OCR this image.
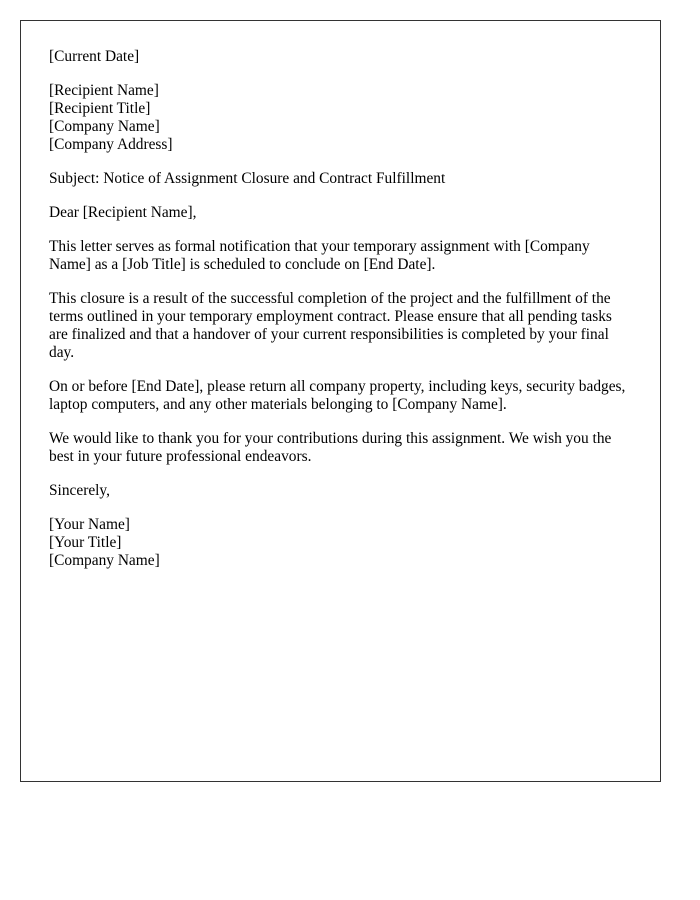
[Current Date]

[Recipient Name]
[Recipient Title]
[Company Name]
[Company Address]

Subject: Notice of Assignment Closure and Contract Fulfillment

Dear [Recipient Name],

This letter serves as formal notification that your temporary assignment with [Company Name] as a [Job Title] is scheduled to conclude on [End Date].

This closure is a result of the successful completion of the project and the fulfillment of the terms outlined in your temporary employment contract. Please ensure that all pending tasks are finalized and that a handover of your current responsibilities is completed by your final day.

On or before [End Date], please return all company property, including keys, security badges, laptop computers, and any other materials belonging to [Company Name].

We would like to thank you for your contributions during this assignment. We wish you the best in your future professional endeavors.

Sincerely,

[Your Name]
[Your Title]
[Company Name]
